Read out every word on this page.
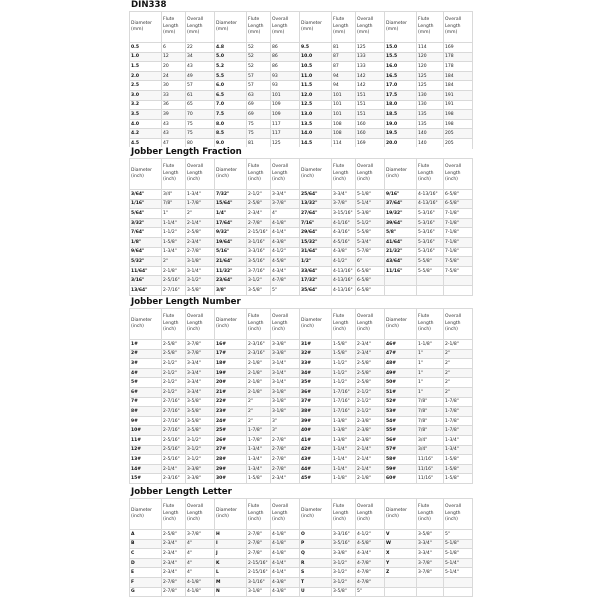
DIN338
Diameter
(mm)	Flute
Length
(mm)	Overall
Length
(mm)	Diameter
(mm)	Flute
Length
(mm)	Overall
Length
(mm)	Diameter
(mm)	Flute
Length
(mm)	Overall
Length
(mm)	Diameter
(mm)	Flute
Length
(mm)	Overall
Length
(mm)

0.5	6	22	4.8	52	86	9.5	81	125	15.0	114	169
1.0	12	34	5.0	52	86	10.0	87	133	15.5	120	178
1.5	20	43	5.2	52	86	10.5	87	133	16.0	120	178
2.0	24	49	5.5	57	93	11.0	94	142	16.5	125	184
2.5	30	57	6.0	57	93	11.5	94	142	17.0	125	184
3.0	33	61	6.5	63	101	12.0	101	151	17.5	130	191
3.2	36	65	7.0	69	109	12.5	101	151	18.0	130	191
3.5	39	70	7.5	69	109	13.0	101	151	18.5	135	198
4.0	43	75	8.0	75	117	13.5	108	160	19.0	135	198
4.2	43	75	8.5	75	117	14.0	108	160	19.5	140	205
4.5	47	80	9.0	81	125	14.5	114	169	20.0	140	205
Jobber Length Fraction
Diameter
(inch)	Flute
Length
(inch)	Overall
Length
(inch)	Diameter
(inch)	Flute
Length
(inch)	Overall
Length
(inch)	Diameter
(inch)	Flute
Length
(inch)	Overall
Length
(inch)	Diameter
(inch)	Flute
Length
(inch)	Overall
Length
(inch)

3/64"	3/4"	1-3/4"	7/32"	2-1/2"	3-3/4"	25/64"	3-3/4"	5-1/8"	9/16"	4-13/16"	6-5/8"
1/16"	7/8"	1-7/8"	15/64"	2-5/8"	3-7/8"	13/32"	3-7/8"	5-1/4"	37/64"	4-13/16"	6-5/8"
5/64"	1"	2"	1/4"	2-3/4"	4"	27/64"	3-15/16"	5-3/8"	19/32"	5-3/16"	7-1/8"
3/32"	1-1/4"	2-1/4"	17/64"	2-7/8"	4-1/8"	7/16"	4-1/16"	5-1/2"	39/64"	5-3/16"	7-1/8"
7/64"	1-1/2"	2-5/8"	9/32"	2-15/16"	4-1/4"	29/64"	4-3/16"	5-5/8"	5/8"	5-3/16"	7-1/8"
1/8"	1-5/8"	2-3/4"	19/64"	3-1/16"	4-3/8"	15/32"	4-5/16"	5-3/4"	41/64"	5-3/16"	7-1/8"
9/64"	1-3/4"	2-7/8"	5/16"	3-3/16"	4-1/2"	31/64"	4-3/8"	5-7/8"	21/32"	5-3/16"	7-1/8"
5/32"	2"	3-1/8"	21/64"	3-5/16"	4-5/8"	1/2"	4-1/2"	6"	43/64"	5-5/8"	7-5/8"
11/64"	2-1/8"	3-1/4"	11/32"	3-7/16"	4-3/4"	33/64"	4-13/16"	6-5/8"	11/16"	5-5/8"	7-5/8"
3/16"	2-5/16"	3-1/2"	23/64"	3-1/2"	4-7/8"	17/32"	4-13/16"	6-5/8"			
13/64"	2-7/16"	3-5/8"	3/8"	3-5/8"	5"	35/64"	4-13/16"	6-5/8"			
Jobber Length Number
Diameter
(inch)	Flute
Length
(inch)	Overall
Length
(inch)	Diameter
(inch)	Flute
Length
(inch)	Overall
Length
(inch)	Diameter
(inch)	Flute
Length
(inch)	Overall
Length
(inch)	Diameter
(inch)	Flute
Length
(inch)	Overall
Length
(inch)

1#	2-5/8"	3-7/8"	16#	2-3/16"	3-3/8"	31#	1-5/8"	2-3/4"	46#	1-1/8"	2-1/8"
2#	2-5/8"	3-7/8"	17#	2-3/16"	3-3/8"	32#	1-5/8"	2-3/4"	47#	1"	2"
3#	2-1/2"	3-3/4"	18#	2-1/8"	3-1/4"	33#	1-1/2"	2-5/8"	48#	1"	2"
4#	2-1/2"	3-3/4"	19#	2-1/8"	3-1/4"	34#	1-1/2"	2-5/8"	49#	1"	2"
5#	2-1/2"	3-3/4"	20#	2-1/8"	3-1/4"	35#	1-1/2"	2-5/8"	50#	1"	2"
6#	2-1/2"	3-3/4"	21#	2-1/8"	3-1/8"	36#	1-7/16"	2-1/2"	51#	1"	2"
7#	2-7/16"	3-5/8"	22#	2"	3-1/8"	37#	1-7/16"	2-1/2"	52#	7/8"	1-7/8"
8#	2-7/16"	3-5/8"	23#	2"	3-1/8"	38#	1-7/16"	2-1/2"	53#	7/8"	1-7/8"
9#	2-7/16"	3-5/8"	24#	2"	3"	39#	1-3/8"	2-3/8"	54#	7/8"	1-7/8"
10#	2-7/16"	3-5/8"	25#	1-7/8"	3"	40#	1-3/8"	2-3/8"	55#	7/8"	1-7/8"
11#	2-5/16"	3-1/2"	26#	1-7/8"	2-7/8"	41#	1-3/8"	2-3/8"	56#	3/4"	1-3/4"
12#	2-5/16"	3-1/2"	27#	1-3/4"	2-7/8"	42#	1-1/4"	2-1/4"	57#	3/4"	1-3/4"
13#	2-5/16"	3-1/2"	28#	1-3/4"	2-7/8"	43#	1-1/4"	2-1/4"	58#	11/16"	1-5/8"
14#	2-1/4"	3-3/8"	29#	1-3/4"	2-7/8"	44#	1-1/4"	2-1/4"	59#	11/16"	1-5/8"
15#	2-3/16"	3-3/8"	30#	1-5/8"	2-3/4"	45#	1-1/8"	2-1/8"	60#	11/16"	1-5/8"
Jobber Length Letter
Diameter
(inch)	Flute
Length
(inch)	Overall
Length
(inch)	Diameter
(inch)	Flute
Length
(inch)	Overall
Length
(inch)	Diameter
(inch)	Flute
Length
(inch)	Overall
Length
(inch)	Diameter
(inch)	Flute
Length
(inch)	Overall
Length
(inch)

A	2-5/8"	3-7/8"	H	2-7/8"	4-1/8"	O	3-3/16"	4-1/2"	V	3-5/8"	5"
B	2-3/4"	4"	I	2-7/8"	4-1/8"	P	3-5/16"	4-5/8"	W	3-3/4"	5-1/8"
C	2-3/4"	4"	J	2-7/8"	4-1/8"	Q	3-3/8"	4-3/4"	X	3-3/4"	5-1/8"
D	2-3/4"	4"	K	2-15/16"	4-1/4"	R	3-1/2"	4-7/8"	Y	3-7/8"	5-1/4"
E	2-3/4"	4"	L	2-15/16"	4-1/4"	S	3-1/2"	4-7/8"	Z	3-7/8"	5-1/4"
F	2-7/8"	4-1/8"	M	3-1/16"	4-3/8"	T	3-1/2"	4-7/8"			
G	2-7/8"	4-1/8"	N	3-1/8"	4-3/8"	U	3-5/8"	5"			
